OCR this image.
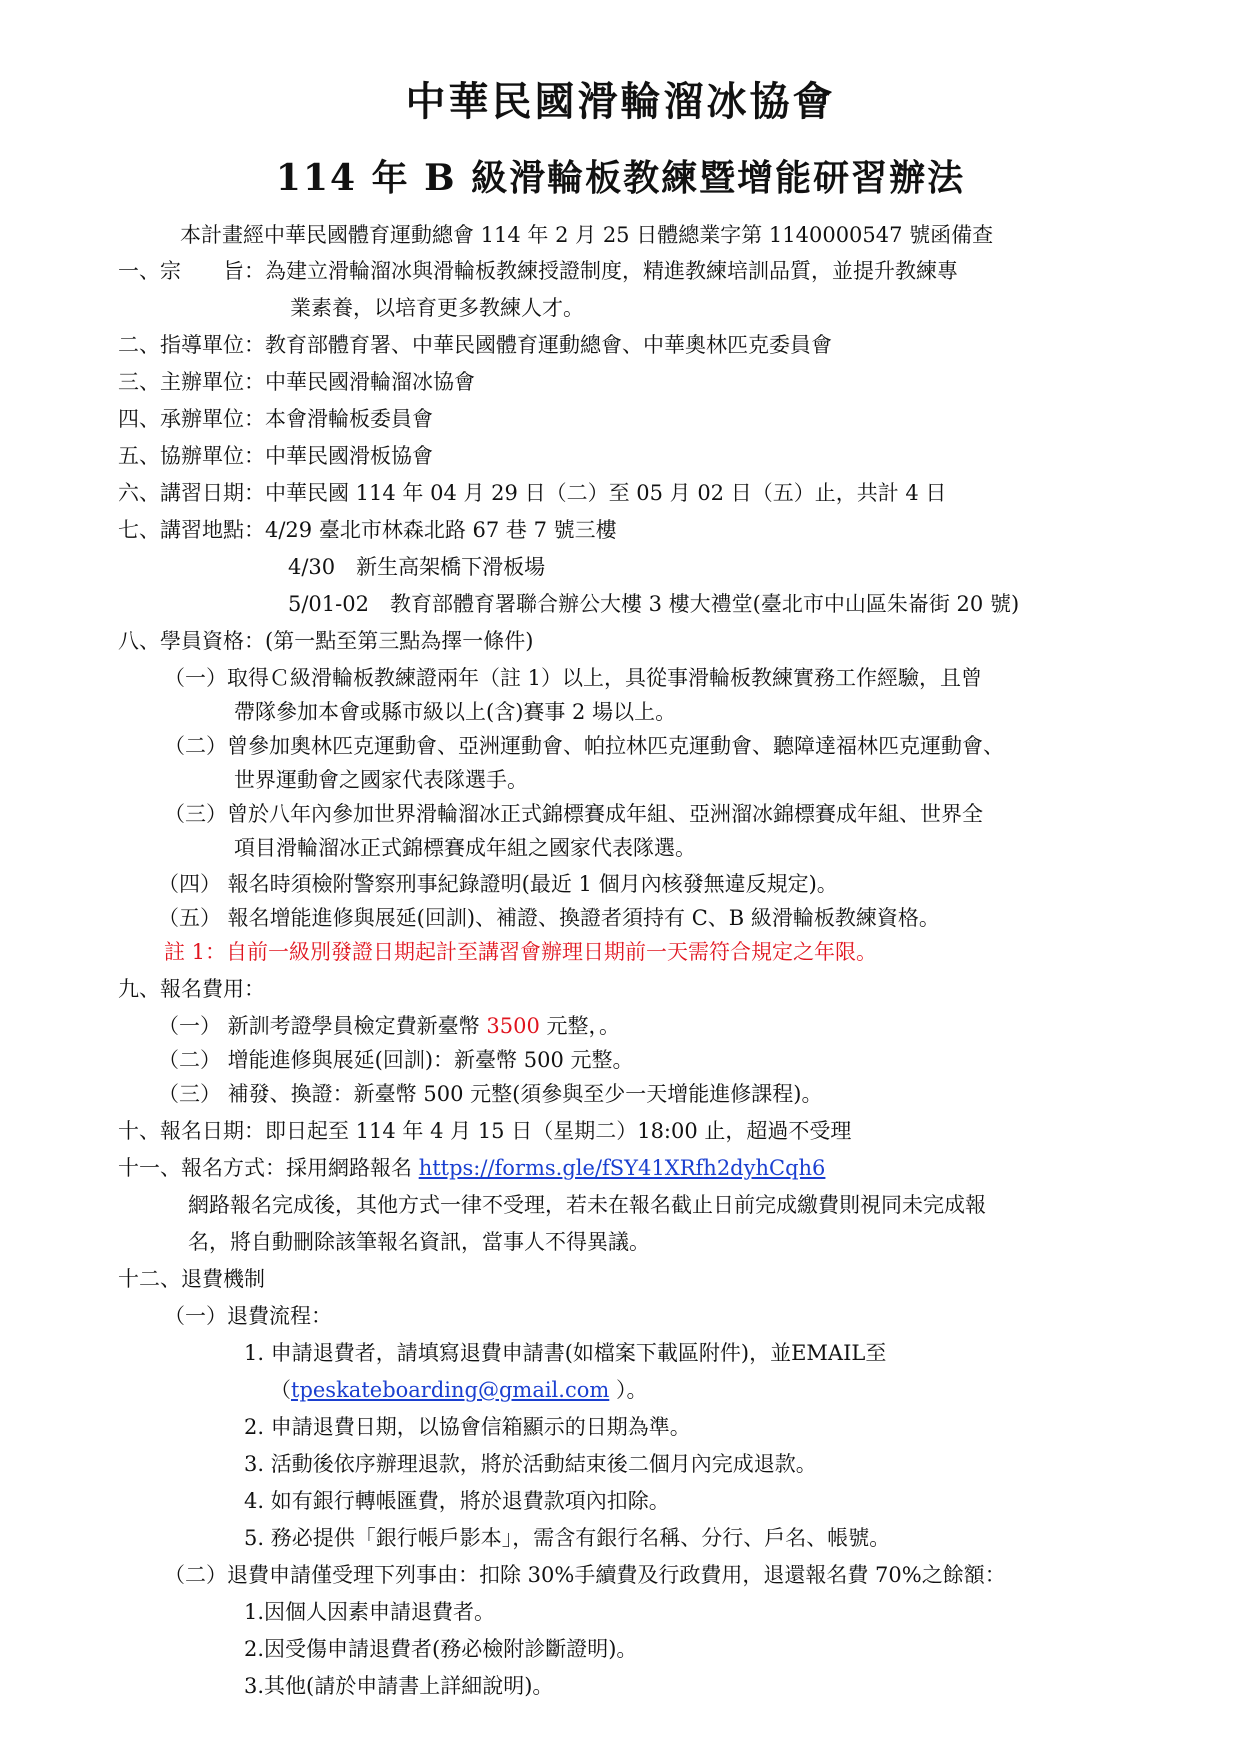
中華民國滑輪溜冰協會
114 年 B 級滑輪板教練暨增能研習辦法
本計畫經中華民國體育運動總會 114 年 2 月 25 日體總業字第 1140000547 號函備查
一、宗　　旨：為建立滑輪溜冰與滑輪板教練授證制度，精進教練培訓品質，並提升教練專
業素養，以培育更多教練人才。
二、指導單位：教育部體育署、中華民國體育運動總會、中華奧林匹克委員會
三、主辦單位：中華民國滑輪溜冰協會
四、承辦單位：本會滑輪板委員會
五、協辦單位：中華民國滑板協會
六、講習日期：中華民國 114 年 04 月 29 日（二）至 05 月 02 日（五）止，共計 4 日
七、講習地點：4/29 臺北市林森北路 67 巷 7 號三樓
4/30　新生高架橋下滑板場
5/01-02　教育部體育署聯合辦公大樓 3 樓大禮堂(臺北市中山區朱崙街 20 號)
八、學員資格：(第一點至第三點為擇一條件)
（一）取得Ｃ級滑輪板教練證兩年（註 1）以上，具從事滑輪板教練實務工作經驗，且曾
帶隊參加本會或縣市級以上(含)賽事 2 場以上。
（二）曾參加奧林匹克運動會、亞洲運動會、帕拉林匹克運動會、聽障達福林匹克運動會、
世界運動會之國家代表隊選手。
（三）曾於八年內參加世界滑輪溜冰正式錦標賽成年組、亞洲溜冰錦標賽成年組、世界全
項目滑輪溜冰正式錦標賽成年組之國家代表隊選。
（四） 報名時須檢附警察刑事紀錄證明(最近 1 個月內核發無違反規定)。
（五） 報名增能進修與展延(回訓)、補證、換證者須持有 C、B 級滑輪板教練資格。
註 1：自前一級別發證日期起計至講習會辦理日期前一天需符合規定之年限。
九、報名費用：
（一） 新訓考證學員檢定費新臺幣 3500 元整，。
（二） 增能進修與展延(回訓)：新臺幣 500 元整。
（三） 補發、換證：新臺幣 500 元整(須參與至少一天增能進修課程)。
十、報名日期：即日起至 114 年 4 月 15 日（星期二）18:00 止，超過不受理
十一、報名方式：採用網路報名 https://forms.gle/fSY41XRfh2dyhCqh6
網路報名完成後，其他方式一律不受理，若未在報名截止日前完成繳費則視同未完成報
名，將自動刪除該筆報名資訊，當事人不得異議。
十二、退費機制
（一）退費流程：
1. 申請退費者，請填寫退費申請書(如檔案下載區附件)，並EMAIL至
（tpeskateboarding@gmail.com ）。
2. 申請退費日期，以協會信箱顯示的日期為準。
3. 活動後依序辦理退款，將於活動結束後二個月內完成退款。
4. 如有銀行轉帳匯費，將於退費款項內扣除。
5. 務必提供「銀行帳戶影本」，需含有銀行名稱、分行、戶名、帳號。
（二）退費申請僅受理下列事由：扣除 30%手續費及行政費用，退還報名費 70%之餘額：
1.因個人因素申請退費者。
2.因受傷申請退費者(務必檢附診斷證明)。
3.其他(請於申請書上詳細說明)。
